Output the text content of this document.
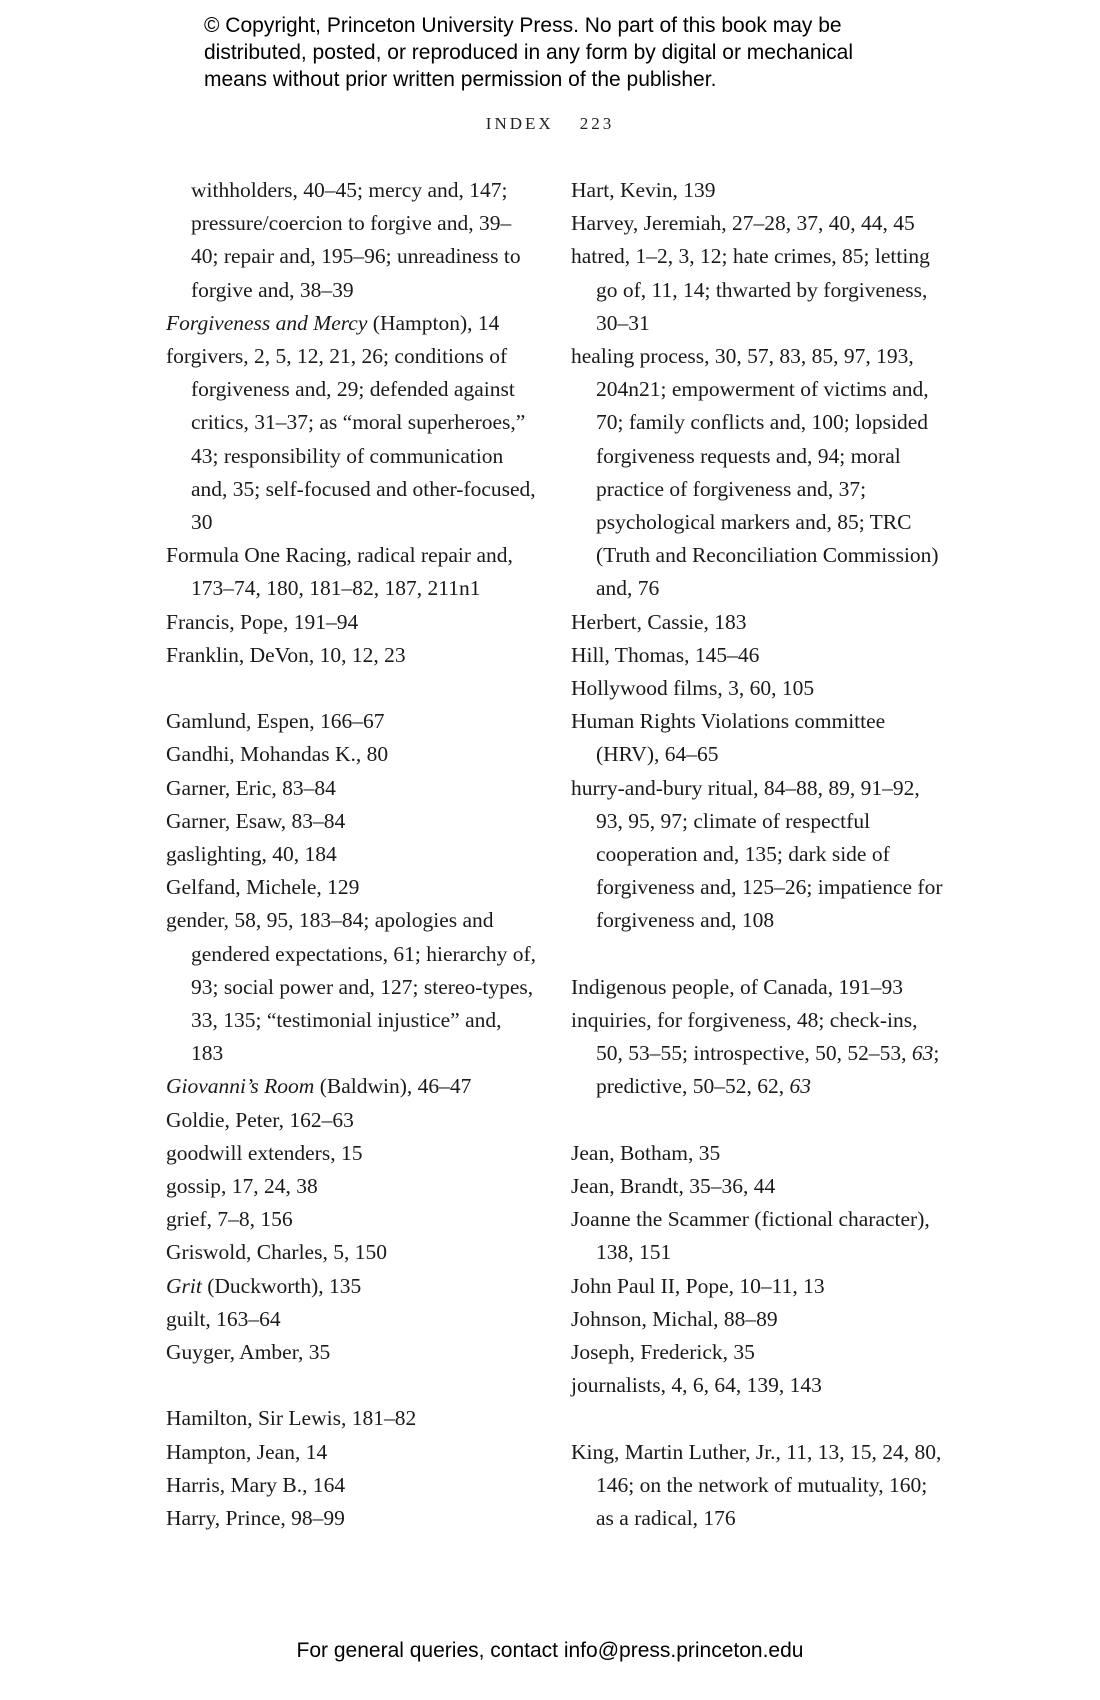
© Copyright, Princeton University Press. No part of this book may be
distributed, posted, or reproduced in any form by digital or mechanical
means without prior written permission of the publisher.
INDEX 223

withholders, 40–45; mercy and, 147; pressure/coercion to forgive and, 39–40; repair and, 195–96; unreadiness to forgive and, 38–39

Forgiveness and Mercy (Hampton), 14

forgivers, 2, 5, 12, 21, 26; conditions of forgiveness and, 29; defended against critics, 31–37; as “moral superheroes,” 43; responsibility of communication and, 35; self-focused and other-focused, 30

Formula One Racing, radical repair and, 173–74, 180, 181–82, 187, 211n1

Francis, Pope, 191–94

Franklin, DeVon, 10, 12, 23

Gamlund, Espen, 166–67

Gandhi, Mohandas K., 80

Garner, Eric, 83–84

Garner, Esaw, 83–84

gaslighting, 40, 184

Gelfand, Michele, 129

gender, 58, 95, 183–84; apologies and gendered expectations, 61; hierarchy of, 93; social power and, 127; stereo-types, 33, 135; “testimonial injustice” and, 183

Giovanni’s Room (Baldwin), 46–47

Goldie, Peter, 162–63

goodwill extenders, 15

gossip, 17, 24, 38

grief, 7–8, 156

Griswold, Charles, 5, 150

Grit (Duckworth), 135

guilt, 163–64

Guyger, Amber, 35

Hamilton, Sir Lewis, 181–82

Hampton, Jean, 14

Harris, Mary B., 164

Harry, Prince, 98–99

Hart, Kevin, 139

Harvey, Jeremiah, 27–28, 37, 40, 44, 45

hatred, 1–2, 3, 12; hate crimes, 85; letting go of, 11, 14; thwarted by forgiveness, 30–31

healing process, 30, 57, 83, 85, 97, 193, 204n21; empowerment of victims and, 70; family conflicts and, 100; lopsided forgiveness requests and, 94; moral practice of forgiveness and, 37; psychological markers and, 85; TRC (Truth and Reconciliation Commission) and, 76

Herbert, Cassie, 183

Hill, Thomas, 145–46

Hollywood films, 3, 60, 105

Human Rights Violations committee (HRV), 64–65

hurry-and-bury ritual, 84–88, 89, 91–92, 93, 95, 97; climate of respectful cooperation and, 135; dark side of forgiveness and, 125–26; impatience for forgiveness and, 108

Indigenous people, of Canada, 191–93

inquiries, for forgiveness, 48; check-ins, 50, 53–55; introspective, 50, 52–53, 63; predictive, 50–52, 62, 63

Jean, Botham, 35

Jean, Brandt, 35–36, 44

Joanne the Scammer (fictional character), 138, 151

John Paul II, Pope, 10–11, 13

Johnson, Michal, 88–89

Joseph, Frederick, 35

journalists, 4, 6, 64, 139, 143

King, Martin Luther, Jr., 11, 13, 15, 24, 80, 146; on the network of mutuality, 160; as a radical, 176

For general queries, contact info@press.princeton.edu
